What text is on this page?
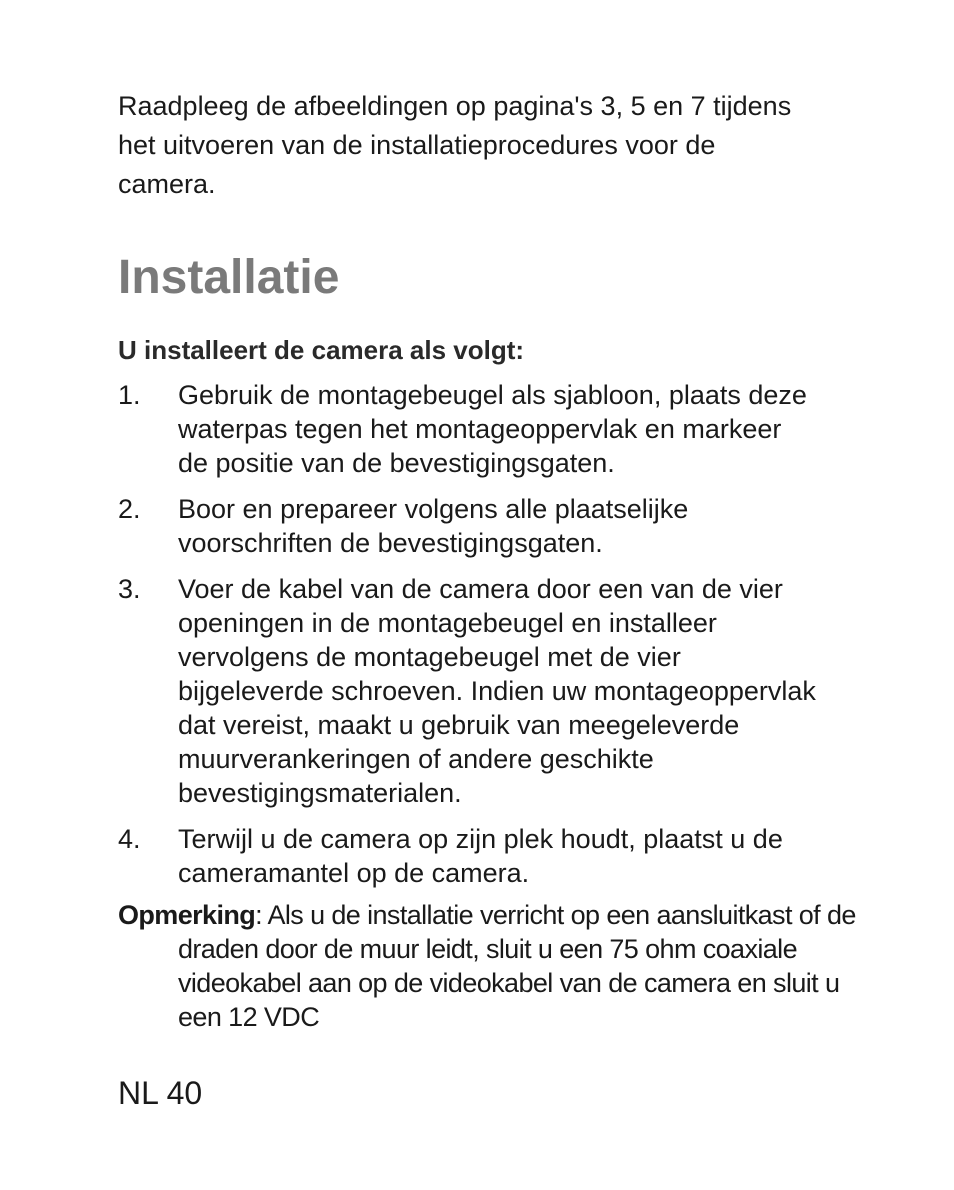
Raadpleeg de afbeeldingen op pagina's 3, 5 en 7 tijdens het uitvoeren van de installatieprocedures voor de camera.

Installatie

U installeert de camera als volgt:

1. Gebruik de montagebeugel als sjabloon, plaats deze waterpas tegen het montageoppervlak en markeer de positie van de bevestigingsgaten.
2. Boor en prepareer volgens alle plaatselijke voorschriften de bevestigingsgaten.
3. Voer de kabel van de camera door een van de vier openingen in de montagebeugel en installeer vervolgens de montagebeugel met de vier bijgeleverde schroeven. Indien uw montageoppervlak dat vereist, maakt u gebruik van meegeleverde muurverankeringen of andere geschikte bevestigingsmaterialen.
4. Terwijl u de camera op zijn plek houdt, plaatst u de cameramantel op de camera.

Opmerking: Als u de installatie verricht op een aansluitkast of de draden door de muur leidt, sluit u een 75 ohm coaxiale videokabel aan op de videokabel van de camera en sluit u een 12 VDC

NL 40
